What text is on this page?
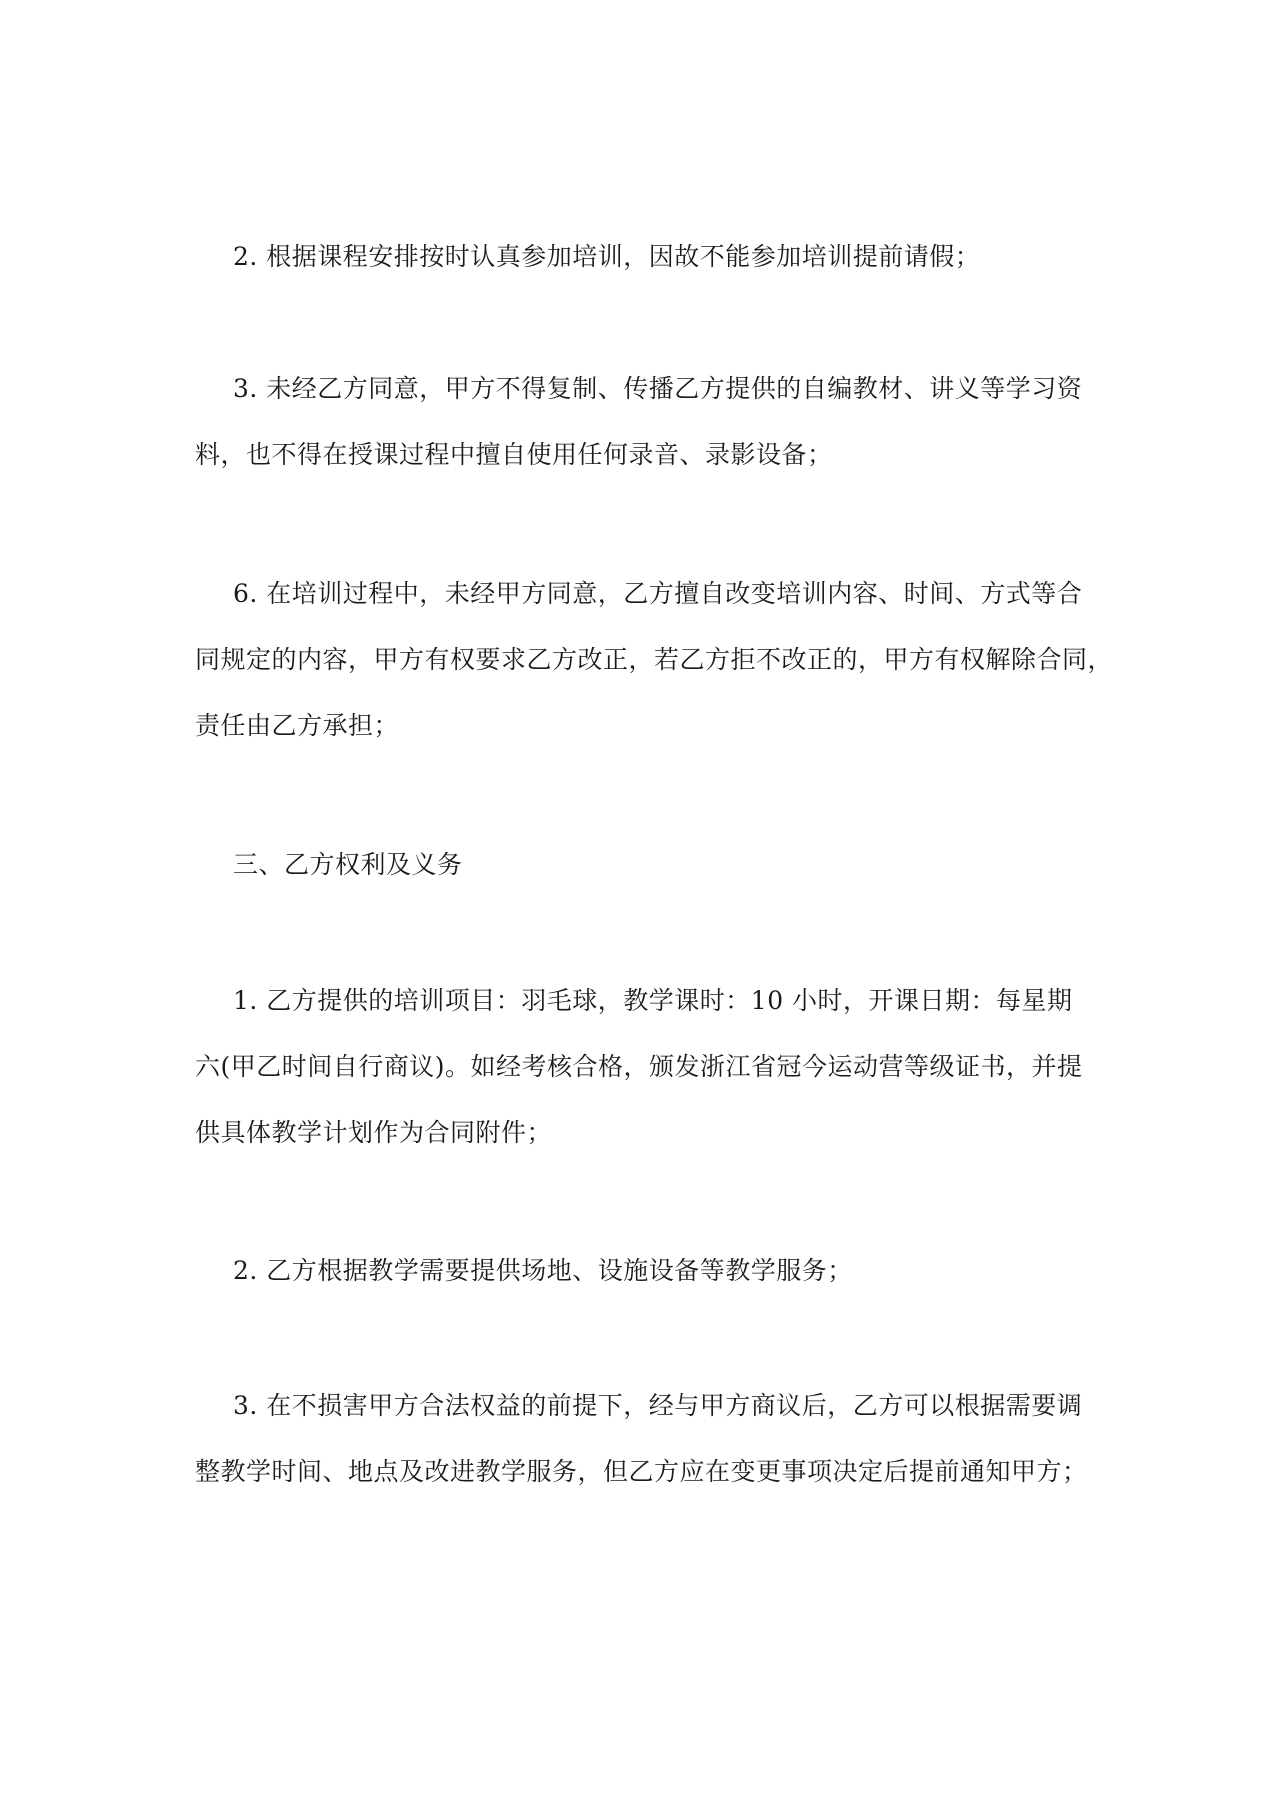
2. 根据课程安排按时认真参加培训，因故不能参加培训提前请假；

3. 未经乙方同意，甲方不得复制、传播乙方提供的自编教材、讲义等学习资
料，也不得在授课过程中擅自使用任何录音、录影设备；

6. 在培训过程中，未经甲方同意，乙方擅自改变培训内容、时间、方式等合
同规定的内容，甲方有权要求乙方改正，若乙方拒不改正的，甲方有权解除合同，
责任由乙方承担；

三、乙方权利及义务

1. 乙方提供的培训项目：羽毛球，教学课时：10 小时，开课日期：每星期
六(甲乙时间自行商议)。如经考核合格，颁发浙江省冠今运动营等级证书，并提
供具体教学计划作为合同附件；

2. 乙方根据教学需要提供场地、设施设备等教学服务；

3. 在不损害甲方合法权益的前提下，经与甲方商议后，乙方可以根据需要调
整教学时间、地点及改进教学服务，但乙方应在变更事项决定后提前通知甲方；
